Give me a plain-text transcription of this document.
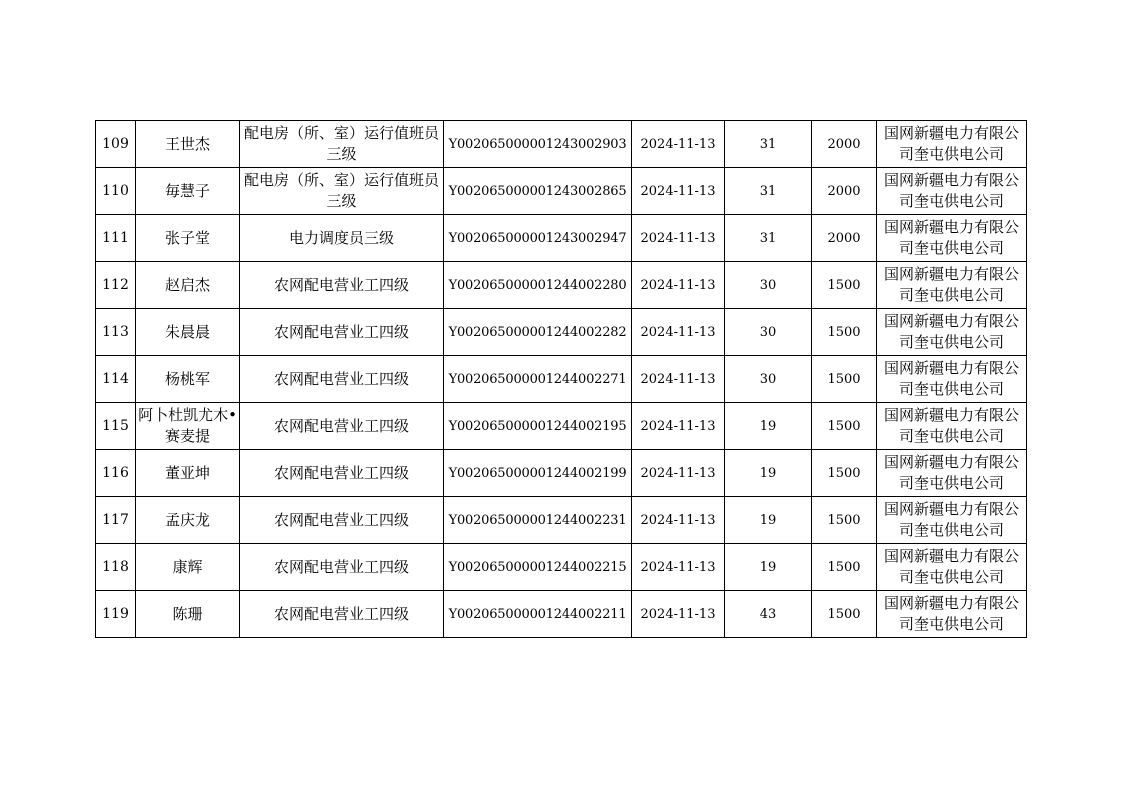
109	王世杰	配电房（所、室）运行值班员三级	Y00206500000124300​2903	2024-11-13	31	2000	国网新疆电力有限公司奎屯供电公司
110	毎慧子	配电房（所、室）运行值班员三级	Y002065000001243002865	2024-11-13	31	2000	国网新疆电力有限公司奎屯供电公司
111	张子堂	电力调度员三级	Y002065000001243002947	2024-11-13	31	2000	国网新疆电力有限公司奎屯供电公司
112	赵启杰	农网配电营业工四级	Y002065000001244002280	2024-11-13	30	1500	国网新疆电力有限公司奎屯供电公司
113	朱晨晨	农网配电营业工四级	Y002065000001244002282	2024-11-13	30	1500	国网新疆电力有限公司奎屯供电公司
114	杨桃军	农网配电营业工四级	Y002065000001244002271	2024-11-13	30	1500	国网新疆电力有限公司奎屯供电公司
115	阿卜杜凯尤木•赛麦提	农网配电营业工四级	Y002065000001244002195	2024-11-13	19	1500	国网新疆电力有限公司奎屯供电公司
116	董亚坤	农网配电营业工四级	Y002065000001244002199	2024-11-13	19	1500	国网新疆电力有限公司奎屯供电公司
117	孟庆龙	农网配电营业工四级	Y002065000001244002231	2024-11-13	19	1500	国网新疆电力有限公司奎屯供电公司
118	康辉	农网配电营业工四级	Y002065000001244002215	2024-11-13	19	1500	国网新疆电力有限公司奎屯供电公司
119	陈珊	农网配电营业工四级	Y002065000001244002211	2024-11-13	43	1500	国网新疆电力有限公司奎屯供电公司
